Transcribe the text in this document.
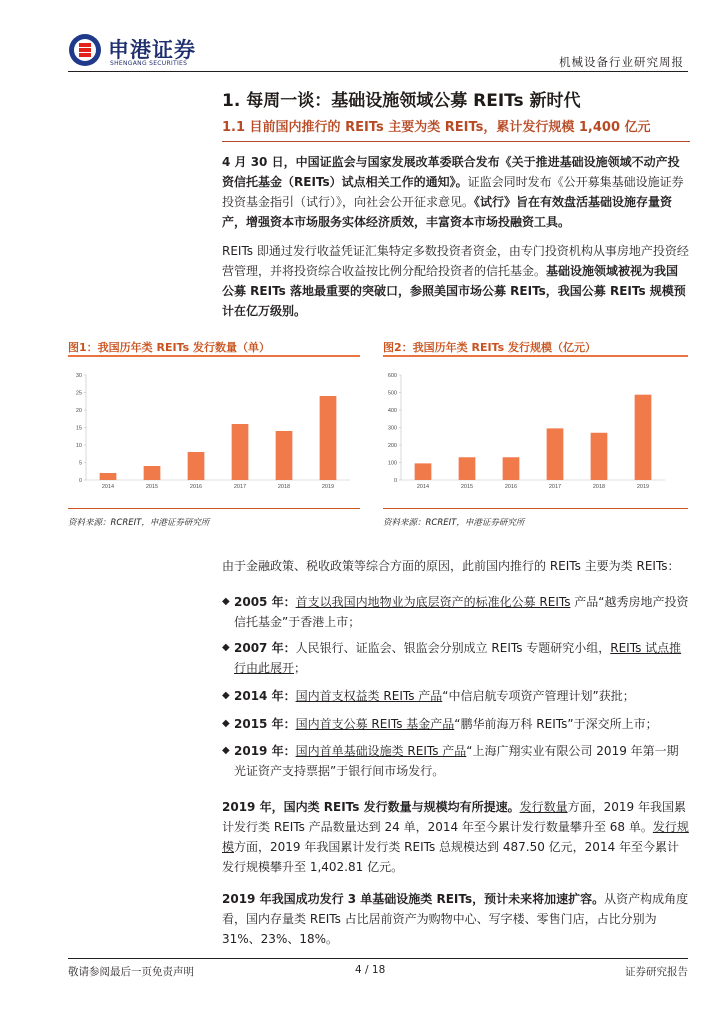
申港证券
SHENGANG SECURITIES	机械设备行业研究周报
1. 每周一谈：基础设施领域公募 REITs 新时代
1.1 目前国内推行的 REITs 主要为类 REITs，累计发行规模 1,400 亿元
4 月 30 日，中国证监会与国家发展改革委联合发布《关于推进基础设施领域不动产投资信托基金（REITs）试点相关工作的通知》。证监会同时发布《公开募集基础设施证券投资基金指引（试行）》，向社会公开征求意见。《试行》旨在有效盘活基础设施存量资产，增强资本市场服务实体经济质效，丰富资本市场投融资工具。
REITs 即通过发行收益凭证汇集特定多数投资者资金，由专门投资机构从事房地产投资经营管理，并将投资综合收益按比例分配给投资者的信托基金。基础设施领域被视为我国公募 REITs 落地最重要的突破口，参照美国市场公募 REITs，我国公募 REITs 规模预计在亿万级别。
图1：我国历年类 REITs 发行数量（单）
0
5
10
15
20
25
30
2014	2015	2016	2017	2018	2019
资料来源：RCREIT，申港证券研究所
图2：我国历年类 REITs 发行规模（亿元）
0
100
200
300
400
500
600
2014	2015	2016	2017	2018	2019
资料来源：RCREIT，申港证券研究所
由于金融政策、税收政策等综合方面的原因，此前国内推行的 REITs 主要为类 REITs：
◆ 2005 年：首支以我国内地物业为底层资产的标准化公募 REITs 产品“越秀房地产投资信托基金”于香港上市；
◆ 2007 年：人民银行、证监会、银监会分别成立 REITs 专题研究小组，REITs 试点推行由此展开；
◆ 2014 年：国内首支权益类 REITs 产品“中信启航专项资产管理计划”获批；
◆ 2015 年：国内首支公募 REITs 基金产品“鹏华前海万科 REITs”于深交所上市；
◆ 2019 年：国内首单基础设施类 REITs 产品“上海广翔实业有限公司 2019 年第一期光证资产支持票据”于银行间市场发行。
2019 年，国内类 REITs 发行数量与规模均有所提速。发行数量方面，2019 年我国累计发行类 REITs 产品数量达到 24 单，2014 年至今累计发行数量攀升至 68 单。发行规模方面，2019 年我国累计发行类 REITs 总规模达到 487.50 亿元，2014 年至今累计发行规模攀升至 1,402.81 亿元。
2019 年我国成功发行 3 单基础设施类 REITs，预计未来将加速扩容。从资产构成角度看，国内存量类 REITs 占比居前资产为购物中心、写字楼、零售门店，占比分别为 31%、23%、18%。
敬请参阅最后一页免责声明	4 / 18	证券研究报告
